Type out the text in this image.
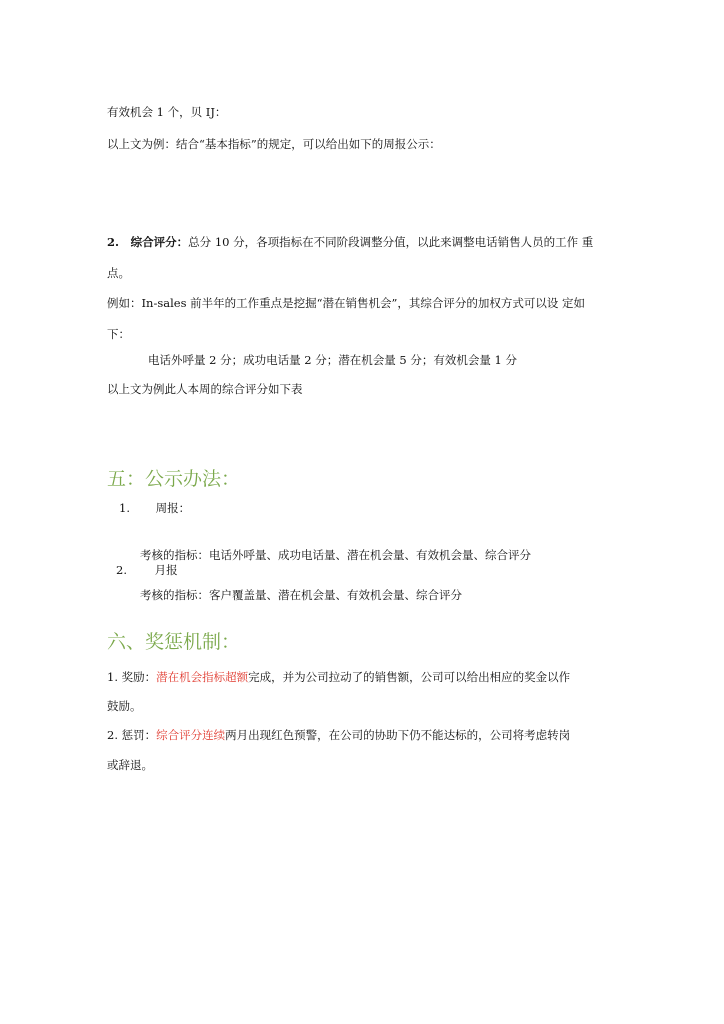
有效机会 1 个，贝 IJ：
以上文为例：结合“基本指标”的规定，可以给出如下的周报公示：
2. 综合评分：总分 10 分，各项指标在不同阶段调整分值，以此来调整电话销售人员的工作 重
点。
例如：In-sales 前半年的工作重点是挖掘“潜在销售机会”，其综合评分的加权方式可以设 定如
下：
电话外呼量 2 分；成功电话量 2 分；潜在机会量 5 分；有效机会量 1 分
以上文为例此人本周的综合评分如下表
五：公示办法：
1. 周报：
考核的指标：电话外呼量、成功电话量、潜在机会量、有效机会量、综合评分
2. 月报
考核的指标：客户覆盖量、潜在机会量、有效机会量、综合评分
六、奖惩机制：
1. 奖励：潜在机会指标超额完成，并为公司拉动了的销售额，公司可以给出相应的奖金以作
鼓励。
2. 惩罚：综合评分连续两月出现红色预警，在公司的协助下仍不能达标的，公司将考虑转岗
或辞退。
